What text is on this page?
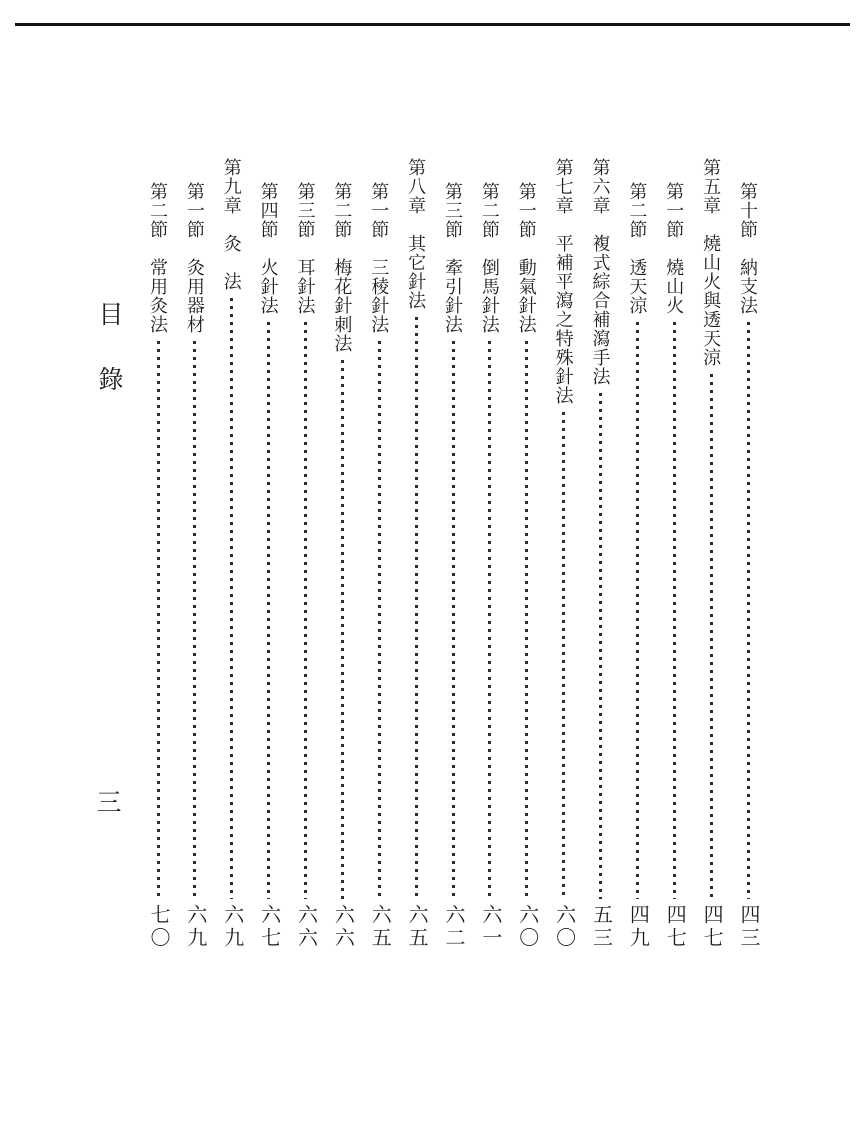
第十節　納支法
四三
第五章　燒山火與透天涼
四七
第一節　燒山火
四七
第二節　透天涼
四九
第六章　複式綜合補瀉手法
五三
第七章　平補平瀉之特殊針法
六〇
第一節　動氣針法
六〇
第二節　倒馬針法
六一
第三節　牽引針法
六二
第八章　其它針法
六五
第一節　三稜針法
六五
第二節　梅花針刺法
六六
第三節　耳針法
六六
第四節　火針法
六七
第九章　灸　法
六九
第一節　灸用器材
六九
第二節　常用灸法
七〇
目錄
三
